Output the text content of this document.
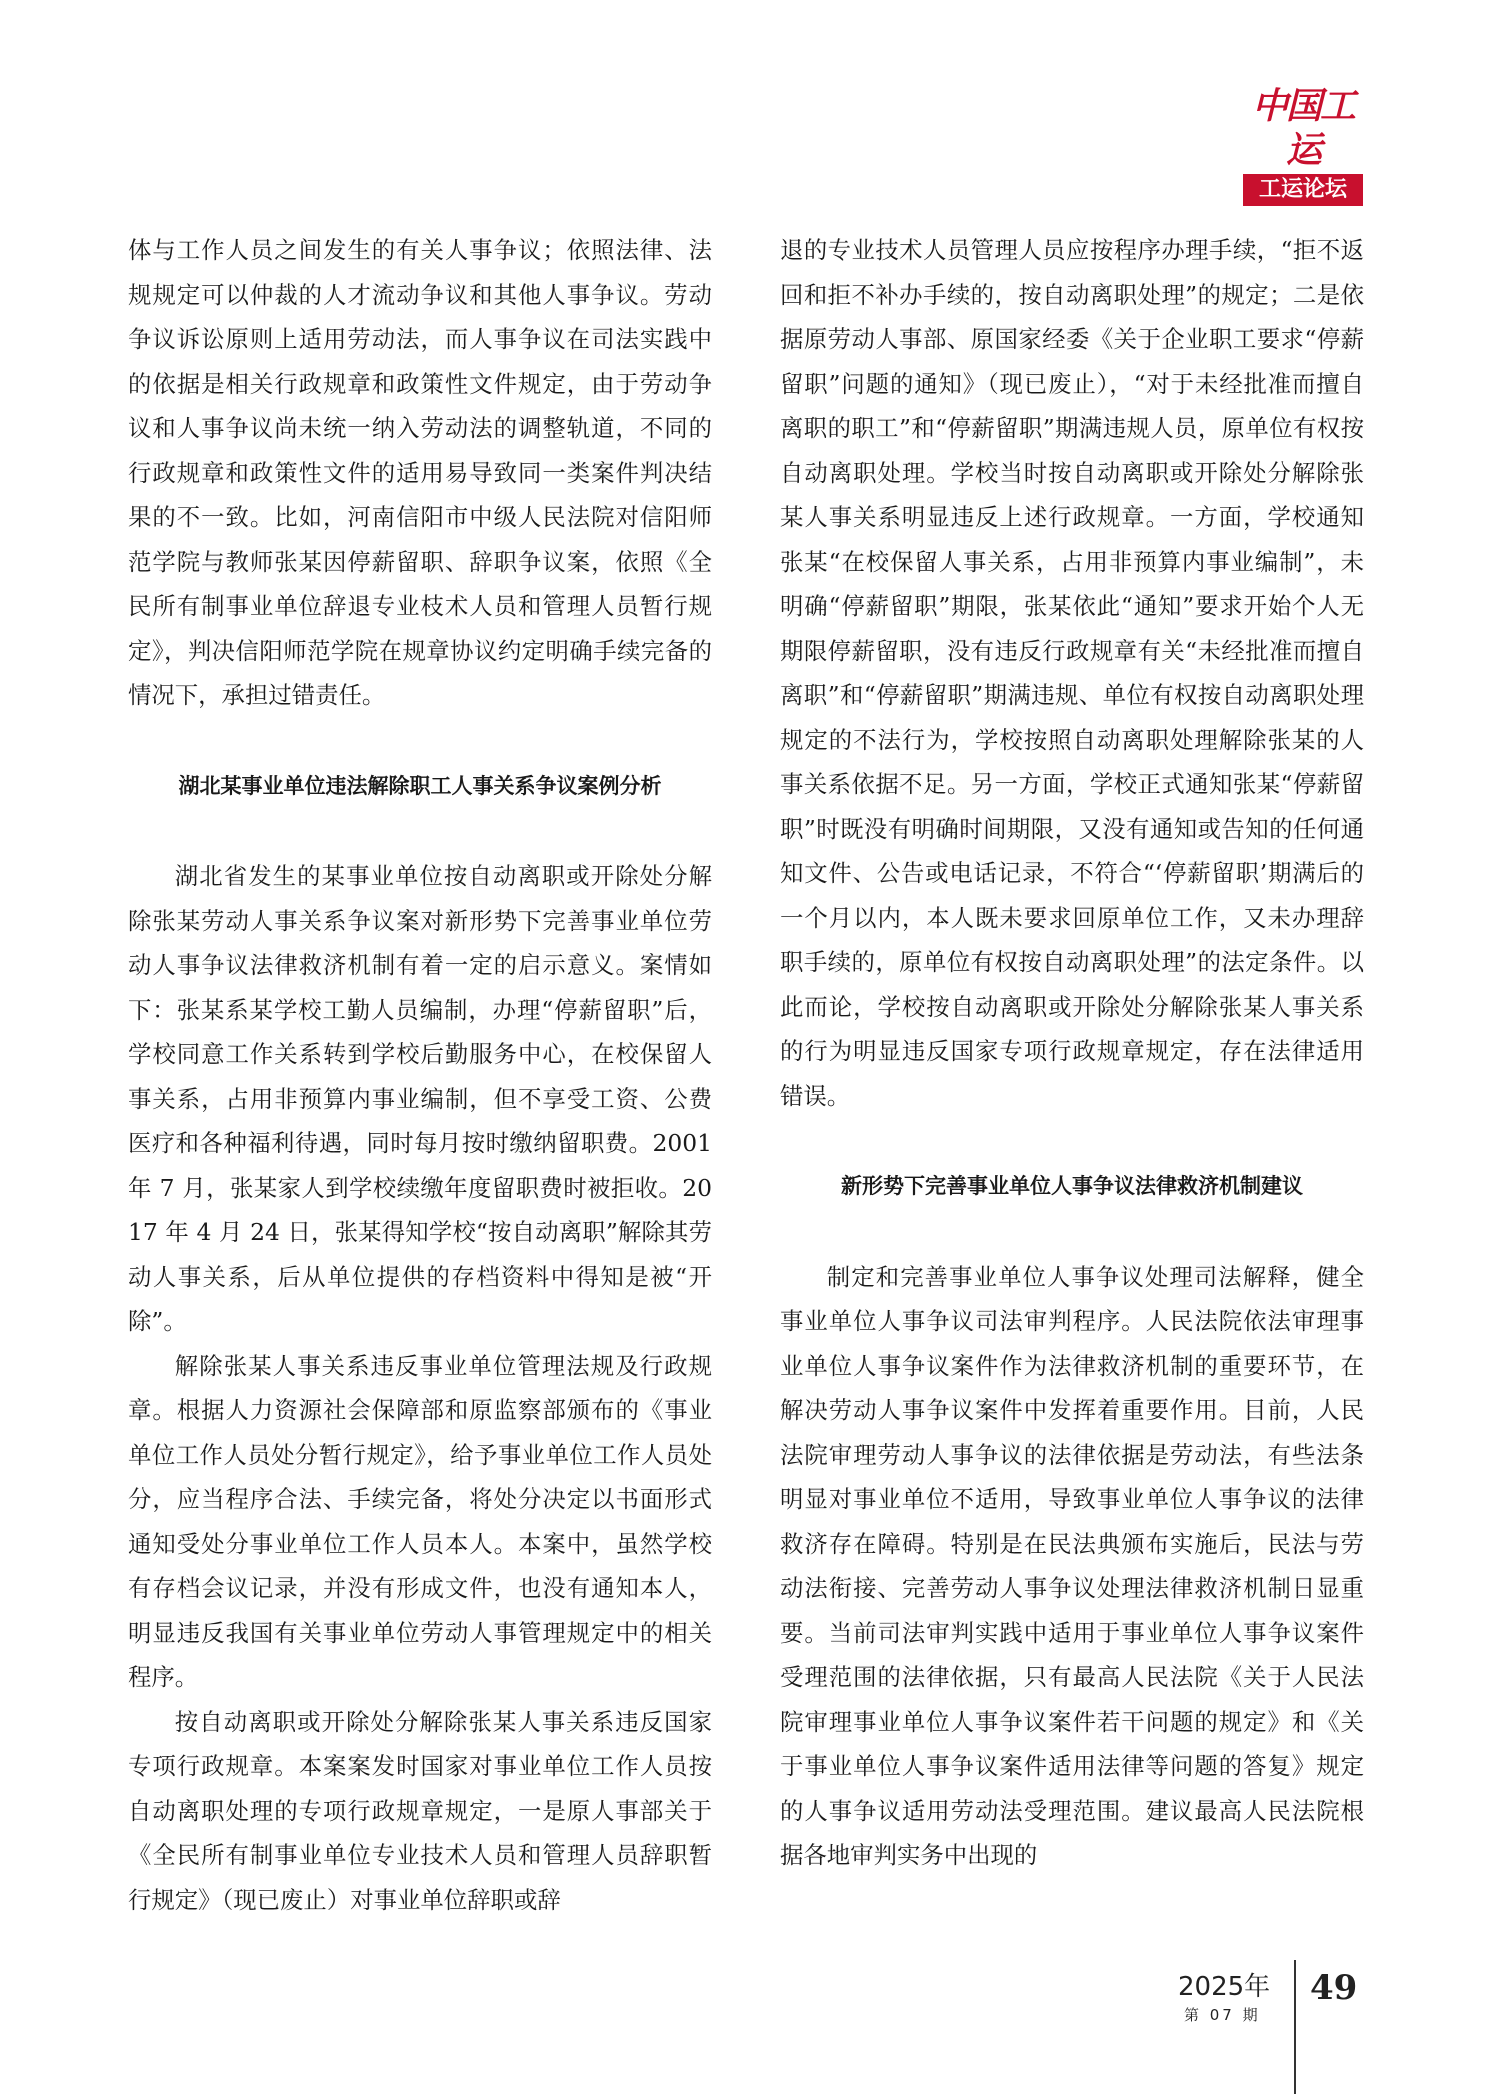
中国工运
工运论坛

体与工作人员之间发生的有关人事争议；依照法律、法规规定可以仲裁的人才流动争议和其他人事争议。劳动争议诉讼原则上适用劳动法，而人事争议在司法实践中的依据是相关行政规章和政策性文件规定，由于劳动争议和人事争议尚未统一纳入劳动法的调整轨道，不同的行政规章和政策性文件的适用易导致同一类案件判决结果的不一致。比如，河南信阳市中级人民法院对信阳师范学院与教师张某因停薪留职、辞职争议案，依照《全民所有制事业单位辞退专业枝术人员和管理人员暂行规定》，判决信阳师范学院在规章协议约定明确手续完备的情况下，承担过错责任。

湖北某事业单位违法解除职工人事关系争议案例分析

湖北省发生的某事业单位按自动离职或开除处分解除张某劳动人事关系争议案对新形势下完善事业单位劳动人事争议法律救济机制有着一定的启示意义。案情如下：张某系某学校工勤人员编制，办理“停薪留职”后，学校同意工作关系转到学校后勤服务中心，在校保留人事关系，占用非预算内事业编制，但不享受工资、公费医疗和各种福利待遇，同时每月按时缴纳留职费。2001 年 7 月，张某家人到学校续缴年度留职费时被拒收。2017 年 4 月 24 日，张某得知学校“按自动离职”解除其劳动人事关系，后从单位提供的存档资料中得知是被“开除”。

解除张某人事关系违反事业单位管理法规及行政规章。根据人力资源社会保障部和原监察部颁布的《事业单位工作人员处分暂行规定》，给予事业单位工作人员处分，应当程序合法、手续完备，将处分决定以书面形式通知受处分事业单位工作人员本人。本案中，虽然学校有存档会议记录，并没有形成文件，也没有通知本人，明显违反我国有关事业单位劳动人事管理规定中的相关程序。

按自动离职或开除处分解除张某人事关系违反国家专项行政规章。本案案发时国家对事业单位工作人员按自动离职处理的专项行政规章规定，一是原人事部关于《全民所有制事业单位专业技术人员和管理人员辞职暂行规定》（现已废止）对事业单位辞职或辞

退的专业技术人员管理人员应按程序办理手续，“拒不返回和拒不补办手续的，按自动离职处理”的规定；二是依据原劳动人事部、原国家经委《关于企业职工要求“停薪留职”问题的通知》（现已废止），“对于未经批准而擅自离职的职工”和“停薪留职”期满违规人员，原单位有权按自动离职处理。学校当时按自动离职或开除处分解除张某人事关系明显违反上述行政规章。一方面，学校通知张某“在校保留人事关系，占用非预算内事业编制”，未明确“停薪留职”期限，张某依此“通知”要求开始个人无期限停薪留职，没有违反行政规章有关“未经批准而擅自离职”和“停薪留职”期满违规、单位有权按自动离职处理规定的不法行为，学校按照自动离职处理解除张某的人事关系依据不足。另一方面，学校正式通知张某“停薪留职”时既没有明确时间期限，又没有通知或告知的任何通知文件、公告或电话记录，不符合“‘停薪留职’期满后的一个月以内，本人既未要求回原单位工作，又未办理辞职手续的，原单位有权按自动离职处理”的法定条件。以此而论，学校按自动离职或开除处分解除张某人事关系的行为明显违反国家专项行政规章规定，存在法律适用错误。

新形势下完善事业单位人事争议法律救济机制建议

制定和完善事业单位人事争议处理司法解释，健全事业单位人事争议司法审判程序。人民法院依法审理事业单位人事争议案件作为法律救济机制的重要环节，在解决劳动人事争议案件中发挥着重要作用。目前，人民法院审理劳动人事争议的法律依据是劳动法，有些法条明显对事业单位不适用，导致事业单位人事争议的法律救济存在障碍。特别是在民法典颁布实施后，民法与劳动法衔接、完善劳动人事争议处理法律救济机制日显重要。当前司法审判实践中适用于事业单位人事争议案件受理范围的法律依据，只有最高人民法院《关于人民法院审理事业单位人事争议案件若干问题的规定》和《关于事业单位人事争议案件适用法律等问题的答复》规定的人事争议适用劳动法受理范围。建议最高人民法院根据各地审判实务中出现的

2025年
第 07 期
49
